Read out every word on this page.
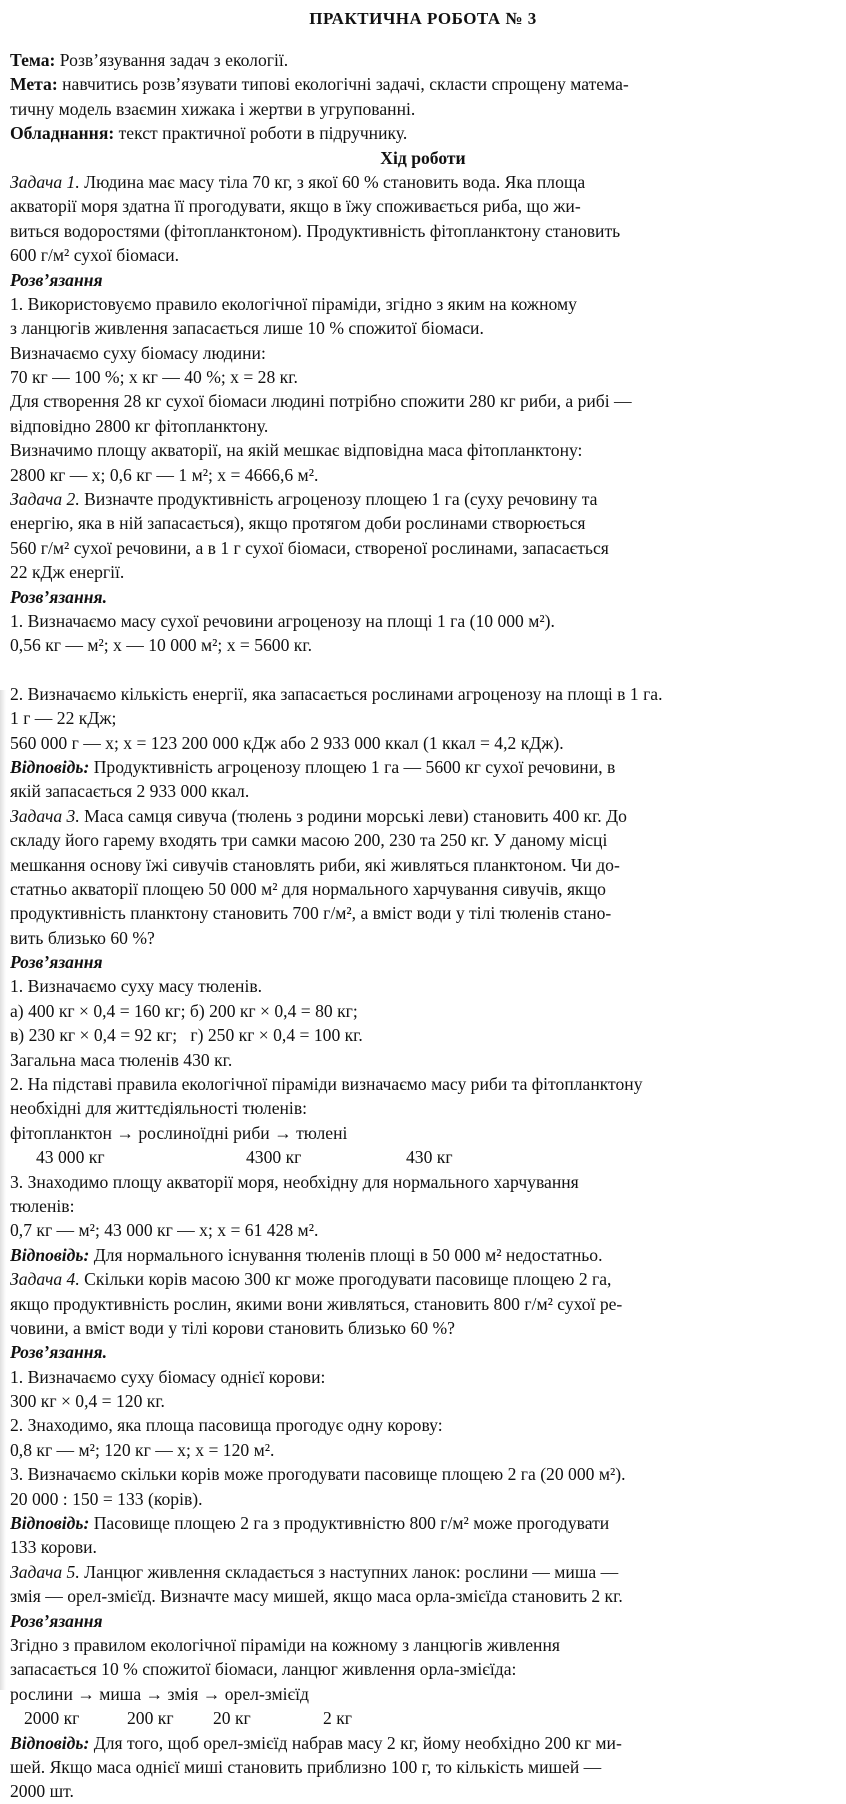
ПРАКТИЧНА РОБОТА № 3
Тема: Розв’язування задач з екології.
Мета: навчитись розв’язувати типові екологічні задачі, скласти спрощену матема-
тичну модель взаємин хижака і жертви в угрупованні.
Обладнання: текст практичної роботи в підручнику.
Хід роботи
Задача 1. Людина має масу тіла 70 кг, з якої 60 % становить вода. Яка площа
акваторії моря здатна її прогодувати, якщо в їжу споживається риба, що жи-
виться водоростями (фітопланктоном). Продуктивність фітопланктону становить
600 г/м² сухої біомаси.
Розв’язання
1. Використовуємо правило екологічної піраміди, згідно з яким на кожному
з ланцюгів живлення запасається лише 10 % спожитої біомаси.
Визначаємо суху біомасу людини:
70 кг — 100 %; х кг — 40 %; х = 28 кг.
Для створення 28 кг сухої біомаси людині потрібно спожити 280 кг риби, а рибі —
відповідно 2800 кг фітопланктону.
Визначимо площу акваторії, на якій мешкає відповідна маса фітопланктону:
2800 кг — х; 0,6 кг — 1 м²; х = 4666,6 м².
Задача 2. Визначте продуктивність агроценозу площею 1 га (суху речовину та
енергію, яка в ній запасається), якщо протягом доби рослинами створюється
560 г/м² сухої речовини, а в 1 г сухої біомаси, створеної рослинами, запасається
22 кДж енергії.
Розв’язання.
1. Визначаємо масу сухої речовини агроценозу на площі 1 га (10 000 м²).
0,56 кг — м²; х — 10 000 м²; х = 5600 кг.
2. Визначаємо кількість енергії, яка запасається рослинами агроценозу на площі в 1 га.
1 г — 22 кДж;
560 000 г — х; х = 123 200 000 кДж або 2 933 000 ккал (1 ккал = 4,2 кДж).
Відповідь: Продуктивність агроценозу площею 1 га — 5600 кг сухої речовини, в
якій запасається 2 933 000 ккал.
Задача 3. Маса самця сивуча (тюлень з родини морські леви) становить 400 кг. До
складу його гарему входять три самки масою 200, 230 та 250 кг. У даному місці
мешкання основу їжі сивучів становлять риби, які живляться планктоном. Чи до-
статньо акваторії площею 50 000 м² для нормального харчування сивучів, якщо
продуктивність планктону становить 700 г/м², а вміст води у тілі тюленів стано-
вить близько 60 %?
Розв’язання
1. Визначаємо суху масу тюленів.
а) 400 кг × 0,4 = 160 кг; б) 200 кг × 0,4 = 80 кг;
в) 230 кг × 0,4 = 92 кг;   г) 250 кг × 0,4 = 100 кг.
Загальна маса тюленів 430 кг.
2. На підставі правила екологічної піраміди визначаємо масу риби та фітопланктону
необхідні для життєдіяльності тюленів:
фітопланктон → рослиноїдні риби → тюлені
43 000 кг	4300 кг	430 кг
3. Знаходимо площу акваторії моря, необхідну для нормального харчування
тюленів:
0,7 кг — м²; 43 000 кг — х; х = 61 428 м².
Відповідь: Для нормального існування тюленів площі в 50 000 м² недостатньо.
Задача 4. Скільки корів масою 300 кг може прогодувати пасовище площею 2 га,
якщо продуктивність рослин, якими вони живляться, становить 800 г/м² сухої ре-
човини, а вміст води у тілі корови становить близько 60 %?
Розв’язання.
1. Визначаємо суху біомасу однієї корови:
300 кг × 0,4 = 120 кг.
2. Знаходимо, яка площа пасовища прогодує одну корову:
0,8 кг — м²; 120 кг — х; х = 120 м².
3. Визначаємо скільки корів може прогодувати пасовище площею 2 га (20 000 м²).
20 000 : 150 = 133 (корів).
Відповідь: Пасовище площею 2 га з продуктивністю 800 г/м² може прогодувати
133 корови.
Задача 5. Ланцюг живлення складається з наступних ланок: рослини — миша —
змія — орел-змієїд. Визначте масу мишей, якщо маса орла-змієїда становить 2 кг.
Розв’язання
Згідно з правилом екологічної піраміди на кожному з ланцюгів живлення
запасається 10 % спожитої біомаси, ланцюг живлення орла-змієїда:
рослини → миша → змія → орел-змієїд
2000 кг	200 кг	20 кг	2 кг
Відповідь: Для того, щоб орел-змієїд набрав масу 2 кг, йому необхідно 200 кг ми-
шей. Якщо маса однієї миші становить приблизно 100 г, то кількість мишей —
2000 шт.
